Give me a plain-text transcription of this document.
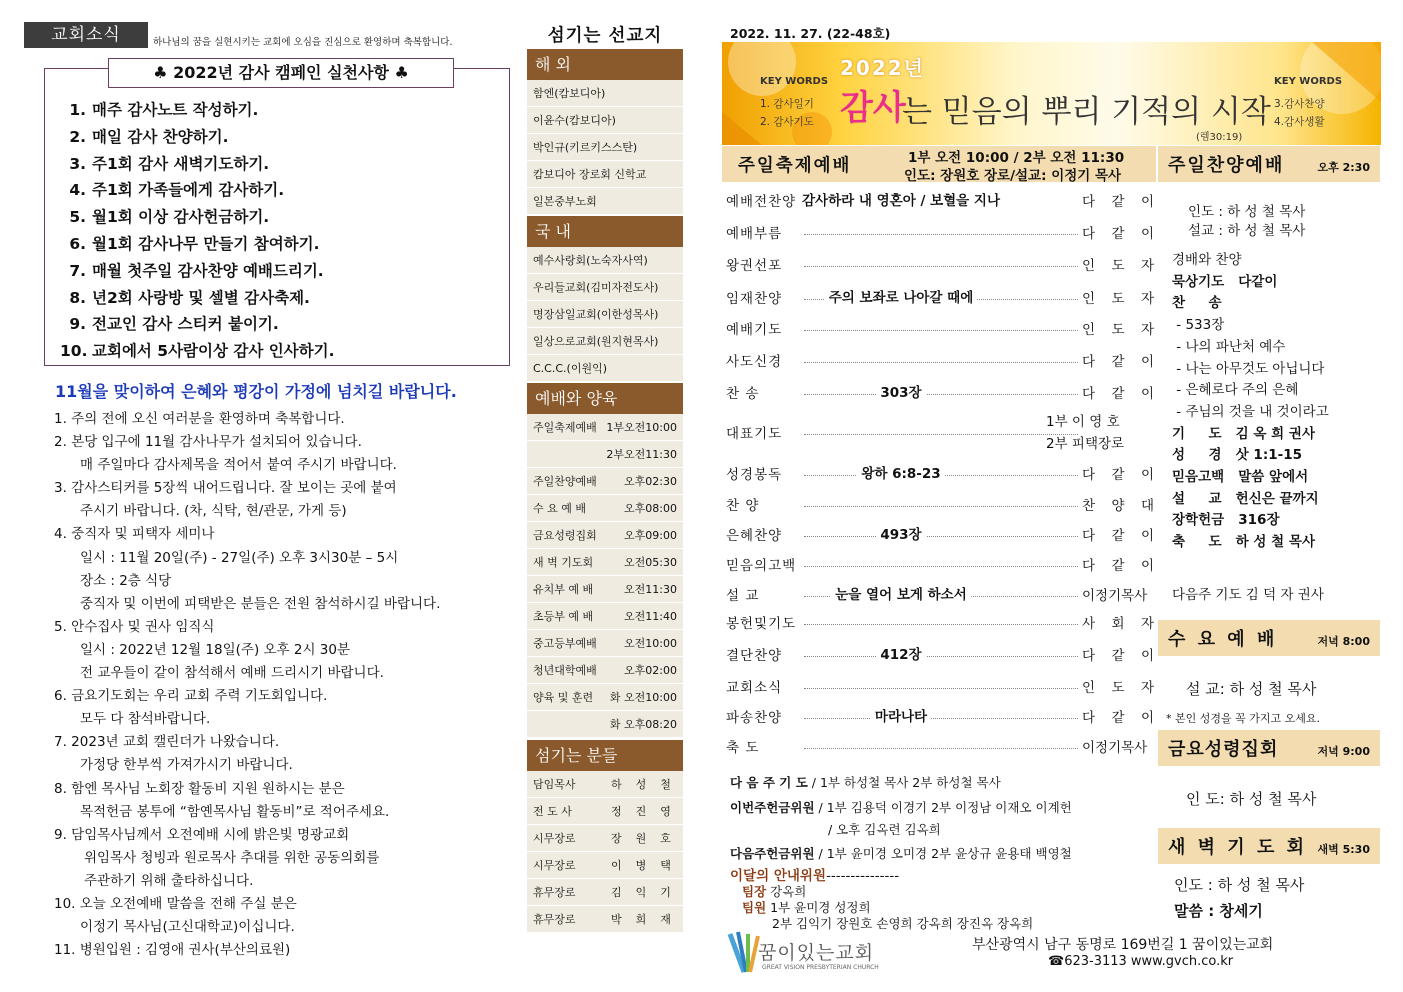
교회소식	하나님의 꿈을 실현시키는 교회에 오심을 진심으로 환영하며 축복합니다.
♣ 2022년 감사 캠페인 실천사항 ♣
1. 매주 감사노트 작성하기.
2. 매일 감사 찬양하기.
3. 주1회 감사 새벽기도하기.
4. 주1회 가족들에게 감사하기.
5. 월1회 이상 감사헌금하기.
6. 월1회 감사나무 만들기 참여하기.
7. 매월 첫주일 감사찬양 예배드리기.
8. 년2회 사랑방 및 셀별 감사축제.
9. 전교인 감사 스티커 붙이기.
10. 교회에서 5사람이상 감사 인사하기.
11월을 맞이하여 은혜와 평강이 가정에 넘치길 바랍니다.
1. 주의 전에 오신 여러분을 환영하며 축복합니다.
2. 본당 입구에 11월 감사나무가 설치되어 있습니다.
매 주일마다 감사제목을 적어서 붙여 주시기 바랍니다.
3. 감사스티커를 5장씩 내어드립니다. 잘 보이는 곳에 붙여
주시기 바랍니다. (차, 식탁, 현/관문, 가게 등)
4. 중직자 및 피택자 세미나
일시 : 11월 20일(주) - 27일(주) 오후 3시30분 – 5시
장소 : 2층 식당
중직자 및 이번에 피택받은 분들은 전원 참석하시길 바랍니다.
5. 안수집사 및 권사 임직식
일시 : 2022년 12월 18일(주) 오후 2시 30분
전 교우들이 같이 참석해서 예배 드리시기 바랍니다.
6. 금요기도회는 우리 교회 주력 기도회입니다.
모두 다 참석바랍니다.
7. 2023년 교회 캘린더가 나왔습니다.
가정당 한부씩 가져가시기 바랍니다.
8. 함엔 목사님 노회장 활동비 지원 원하시는 분은
목적헌금 봉투에 “함옌목사님 활동비”로 적어주세요.
9. 담임목사님께서 오전예배 시에 밝은빛 명광교회
위임목사 청빙과 원로목사 추대를 위한 공동의회를
주관하기 위해 출타하십니다.
10. 오늘 오전예배 말씀을 전해 주실 분은
이정기 목사님(고신대학교)이십니다.
11. 병원입원 : 김영애 권사(부산의료원)
섬기는 선교지
해 외
함엔(캄보디아)
이윤수(캄보디아)
박인규(키르키스스탄)
캄보디아 장로회 신학교
일본중부노회
국 내
예수사랑회(노숙자사역)
우리들교회(김미자전도사)
명장삼일교회(이한성목사)
일상으로교회(원지현목사)
C.C.C.(이원익)
예배와 양육
주일축제예배 1부오전10:00
2부오전11:30
주일찬양예배 오후02:30
수 요 예 배	오후08:00
금요성령집회 오후09:00
새 벽 기도회	오전05:30
유치부 예 배	오전11:30
초등부 예 배	오전11:40
중고등부예배 오전10:00
청년대학예배 오후02:00
양육 및 훈련 화 오전10:00
화 오후08:20
섬기는 분들
담임목사	하성철
전 도 사	정진영
시무장로	장원호
시무장로	이병택
휴무장로	김익기
휴무장로	박희재
2022. 11. 27. (22-48호)
KEY WORDS
1. 감사일기
2. 감사기도
2022년
감사
는 믿음의 뿌리 기적의 시작
(렘30:19)
KEY WORDS
3.감사찬양
4.감사생활
주일축제예배	1부 오전 10:00 / 2부 오전 11:30
인도: 장원호 장로/설교: 이정기 목사
예배전찬양 감사하라 내 영혼아 / 보혈을 지나	다 같 이
예배부름	다 같 이
왕권선포	인 도 자
임재찬양	주의 보좌로 나아갈 때에	인 도 자
예배기도	인 도 자
사도신경	다 같 이
찬 송	303장	다 같 이
대표기도
성경봉독	왕하 6:8-23	다 같 이
찬 양	찬 양 대
은혜찬양	493장	다 같 이
믿음의고백	다 같 이
설 교	눈을 열어 보게 하소서	이정기목사
봉헌및기도	사 회 자
결단찬양	412장	다 같 이
교회소식	인 도 자
파송찬양	마라나타	다 같 이
축 도	이정기목사
1부 이 영 호
2부 피택장로
다 음 주 기 도 / 1부 하성철 목사 2부 하성철 목사
이번주헌금위원 / 1부 김용덕 이경기 2부 이정남 이재오 이계헌
/ 오후 김옥련 김옥희
다음주헌금위원 / 1부 윤미경 오미경 2부 윤상규 윤용태 백영철
이달의 안내위원---------------
팀장 강옥희
팀원 1부 윤미경 성정희
2부 김익기 장원호 손영희 강옥희 장진옥 장옥희
꿈이있는교회
GREAT VISION PRESBYTERIAN CHURCH
부산광역시 남구 동명로 169번길 1 꿈이있는교회
☎623-3113 www.gvch.co.kr
주일찬양예배	오후 2:30
인도 : 하 성 철 목사
설교 : 하 성 철 목사
경배와 찬양
묵상기도   다같이
찬     송
- 533장
- 나의 파난처 예수
- 나는 아무것도 아닙니다
- 은혜로다 주의 은혜
- 주님의 것을 내 것이라고
기     도   김 옥 희 권사
성     경   삿 1:1-15
믿음고백   말씀 앞에서
설     교   헌신은 끝까지
장학헌금   316장
축     도   하 성 철 목사
다음주 기도 김 덕 자 권사
수 요 예 배	저녁 8:00
설 교: 하 성 철 목사
* 본인 성경을 꼭 가지고 오세요.
금요성령집회	저녁 9:00
인 도: 하 성 철 목사
새 벽 기 도 회 새벽 5:30
인도 : 하 성 철 목사
말씀 : 창세기
